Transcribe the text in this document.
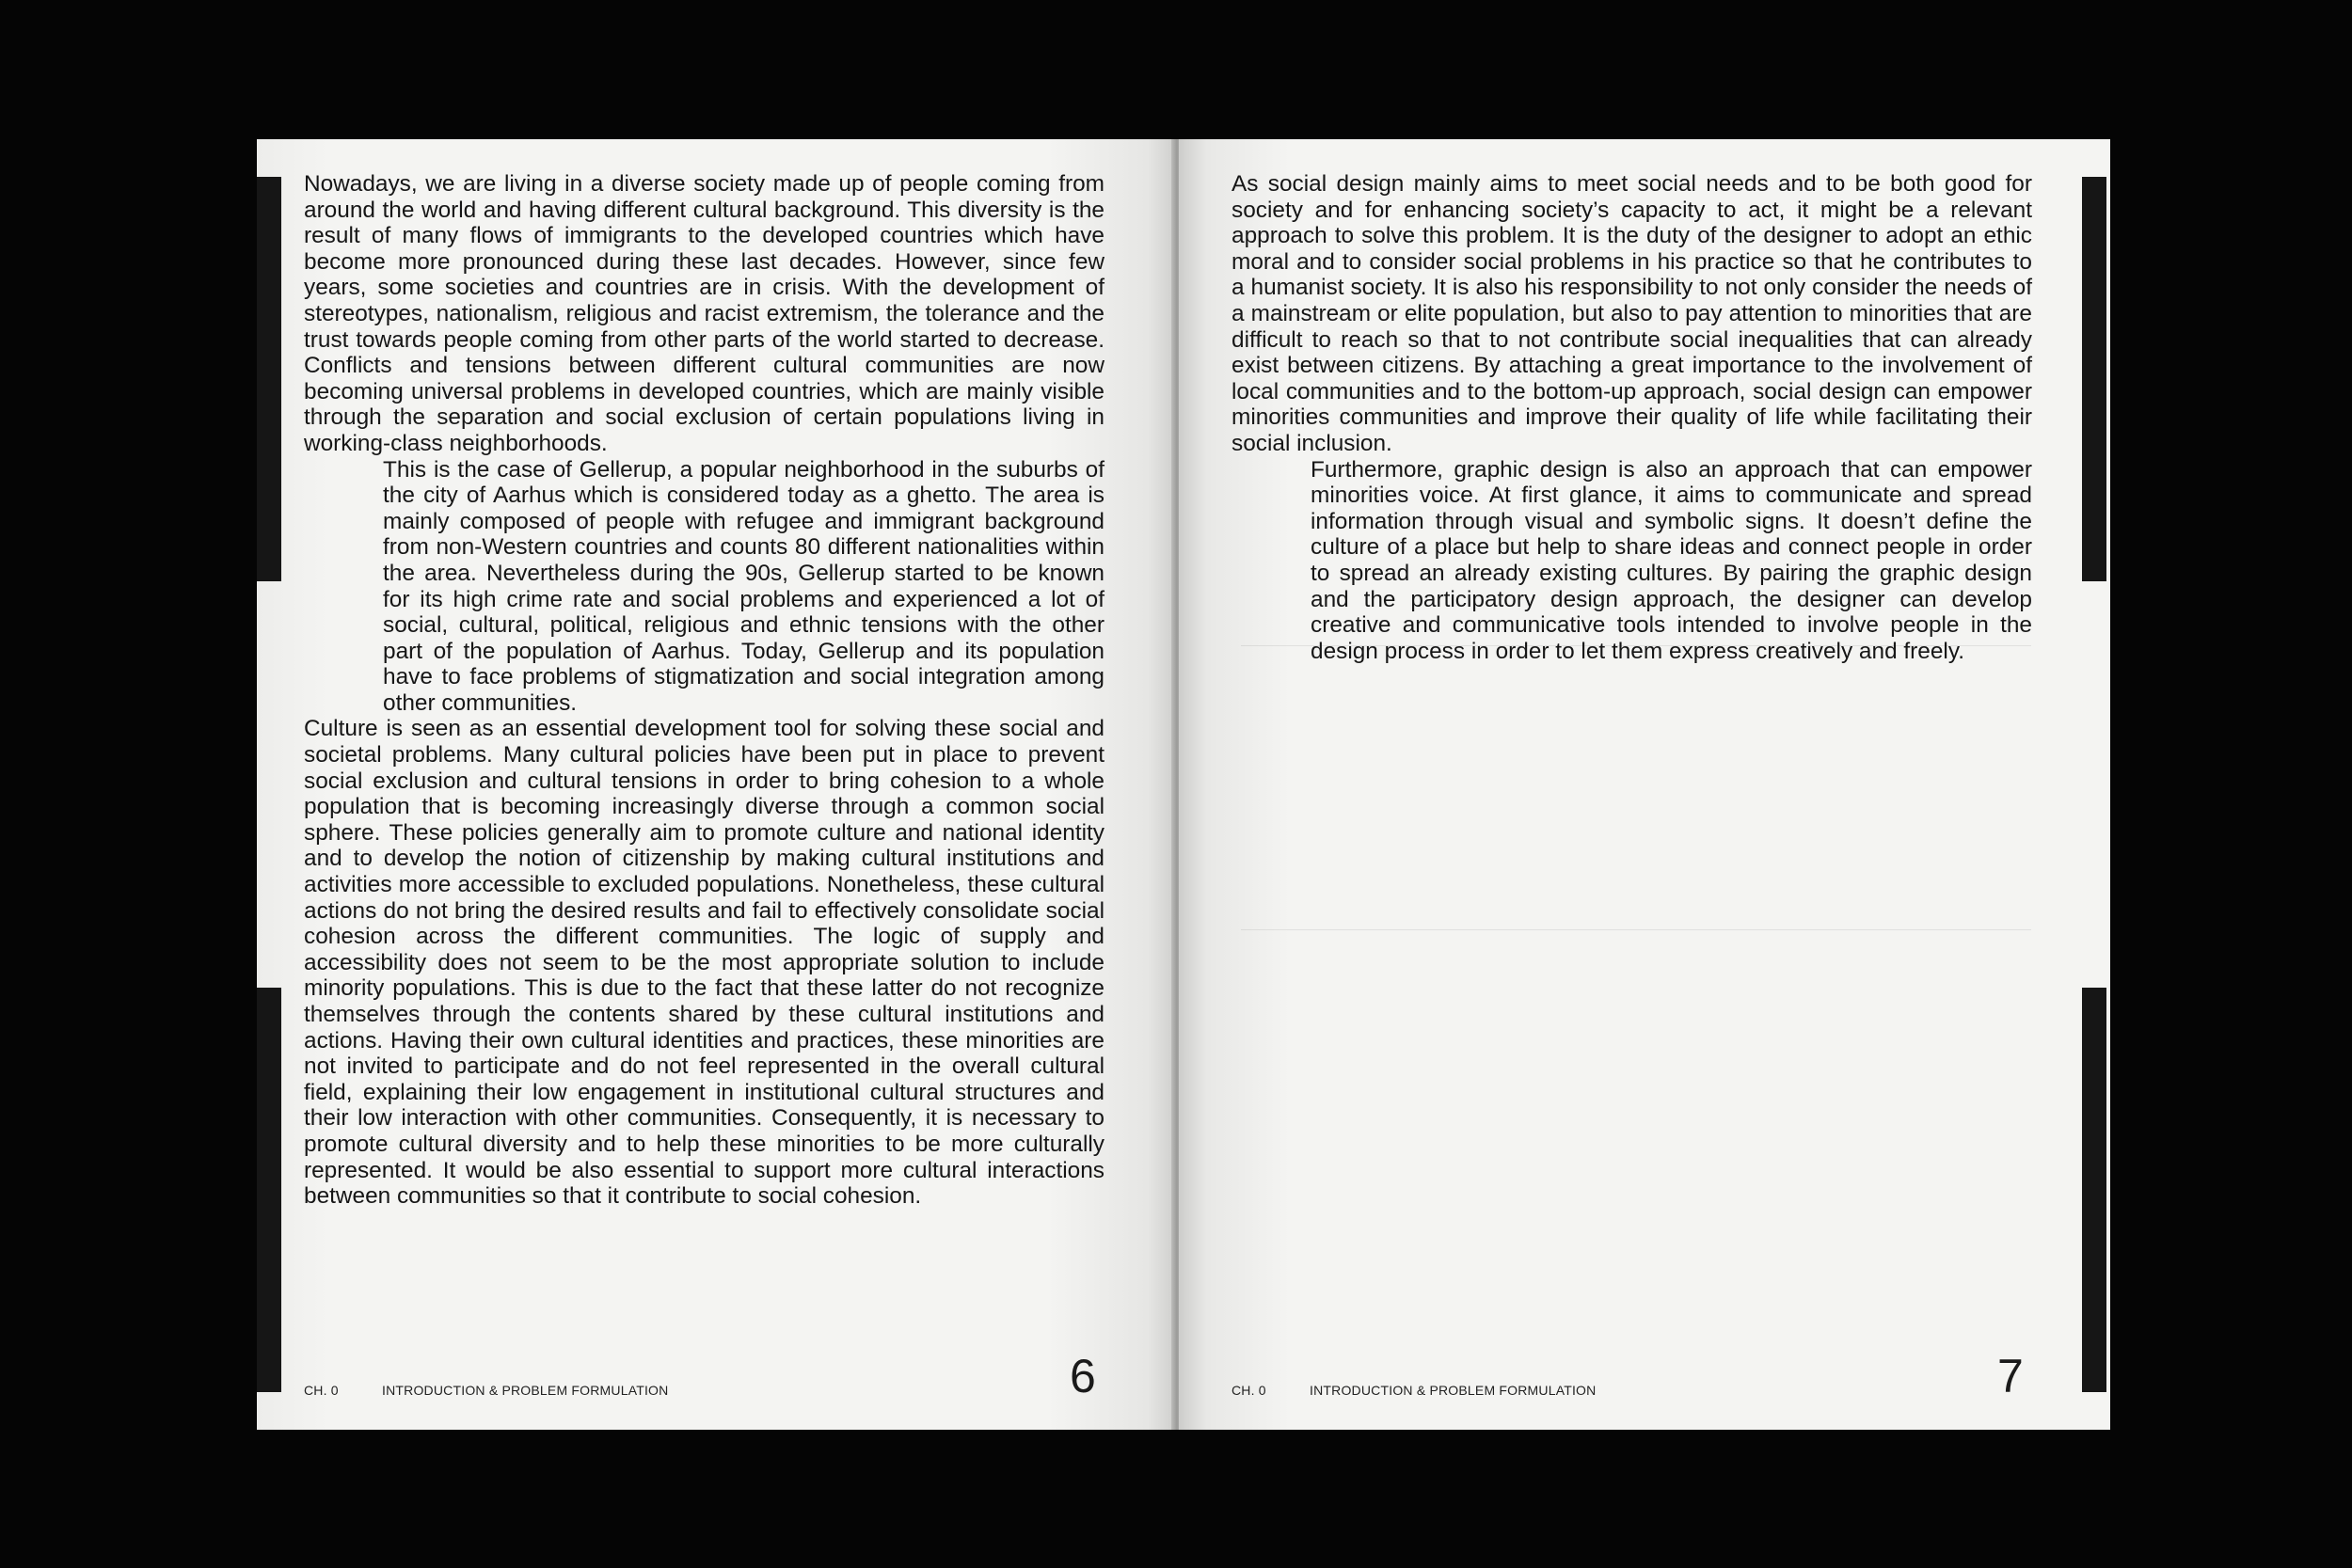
Nowadays, we are living in a diverse society made up of people coming from around the world and having different cultural background. This diversity is the result of many flows of immigrants to the developed countries which have become more pronounced during these last decades. However, since few years, some societies and countries are in crisis. With the development of stereotypes, nationalism, religious and racist extremism, the tolerance and the trust towards people coming from other parts of the world started to decrease. Conflicts and tensions between different cultural communities are now becoming universal problems in developed countries, which are mainly visible through the separation and social exclusion of certain populations living in working-class neighborhoods.

This is the case of Gellerup, a popular neighborhood in the suburbs of the city of Aarhus which is considered today as a ghetto. The area is mainly composed of people with refugee and immigrant background from non-Western countries and counts 80 different nationalities within the area. Nevertheless during the 90s, Gellerup started to be known for its high crime rate and social problems and experienced a lot of social, cultural, political, religious and ethnic tensions with the other part of the population of Aarhus. Today, Gellerup and its population have to face problems of stigmatization and social integration among other communities.

Culture is seen as an essential development tool for solving these social and societal problems. Many cultural policies have been put in place to prevent social exclusion and cultural tensions in order to bring cohesion to a whole population that is becoming increasingly diverse through a common social sphere. These policies generally aim to promote culture and national identity and to develop the notion of citizenship by making cultural institutions and activities more accessible to excluded populations. Nonetheless, these cultural actions do not bring the desired results and fail to effectively consolidate social cohesion across the different communities. The logic of supply and accessibility does not seem to be the most appropriate solution to include minority populations. This is due to the fact that these latter do not recognize themselves through the contents shared by these cultural institutions and actions. Having their own cultural identities and practices, these minorities are not invited to participate and do not feel represented in the overall cultural field, explaining their low engagement in institutional cultural structures and their low interaction with other communities. Consequently, it is necessary to promote cultural diversity and to help these minorities to be more culturally represented. It would be also essential to support more cultural interactions between communities so that it contribute to social cohesion.

CH. 0	INTRODUCTION & PROBLEM FORMULATION	6

As social design mainly aims to meet social needs and to be both good for society and for enhancing society’s capacity to act, it might be a relevant approach to solve this problem. It is the duty of the designer to adopt an ethic moral and to consider social problems in his practice so that he contributes to a humanist society. It is also his responsibility to not only consider the needs of a mainstream or elite population, but also to pay attention to minorities that are difficult to reach so that to not contribute social inequalities that can already exist between citizens. By attaching a great importance to the involvement of local communities and to the bottom-up approach, social design can empower minorities communities and improve their quality of life while facilitating their social inclusion.

Furthermore, graphic design is also an approach that can empower minorities voice. At first glance, it aims to communicate and spread information through visual and symbolic signs. It doesn’t define the culture of a place but help to share ideas and connect people in order to spread an already existing cultures. By pairing the graphic design and the participatory design approach, the designer can develop creative and communicative tools intended to involve people in the design process in order to let them express creatively and freely.

CH. 0	INTRODUCTION & PROBLEM FORMULATION	7
